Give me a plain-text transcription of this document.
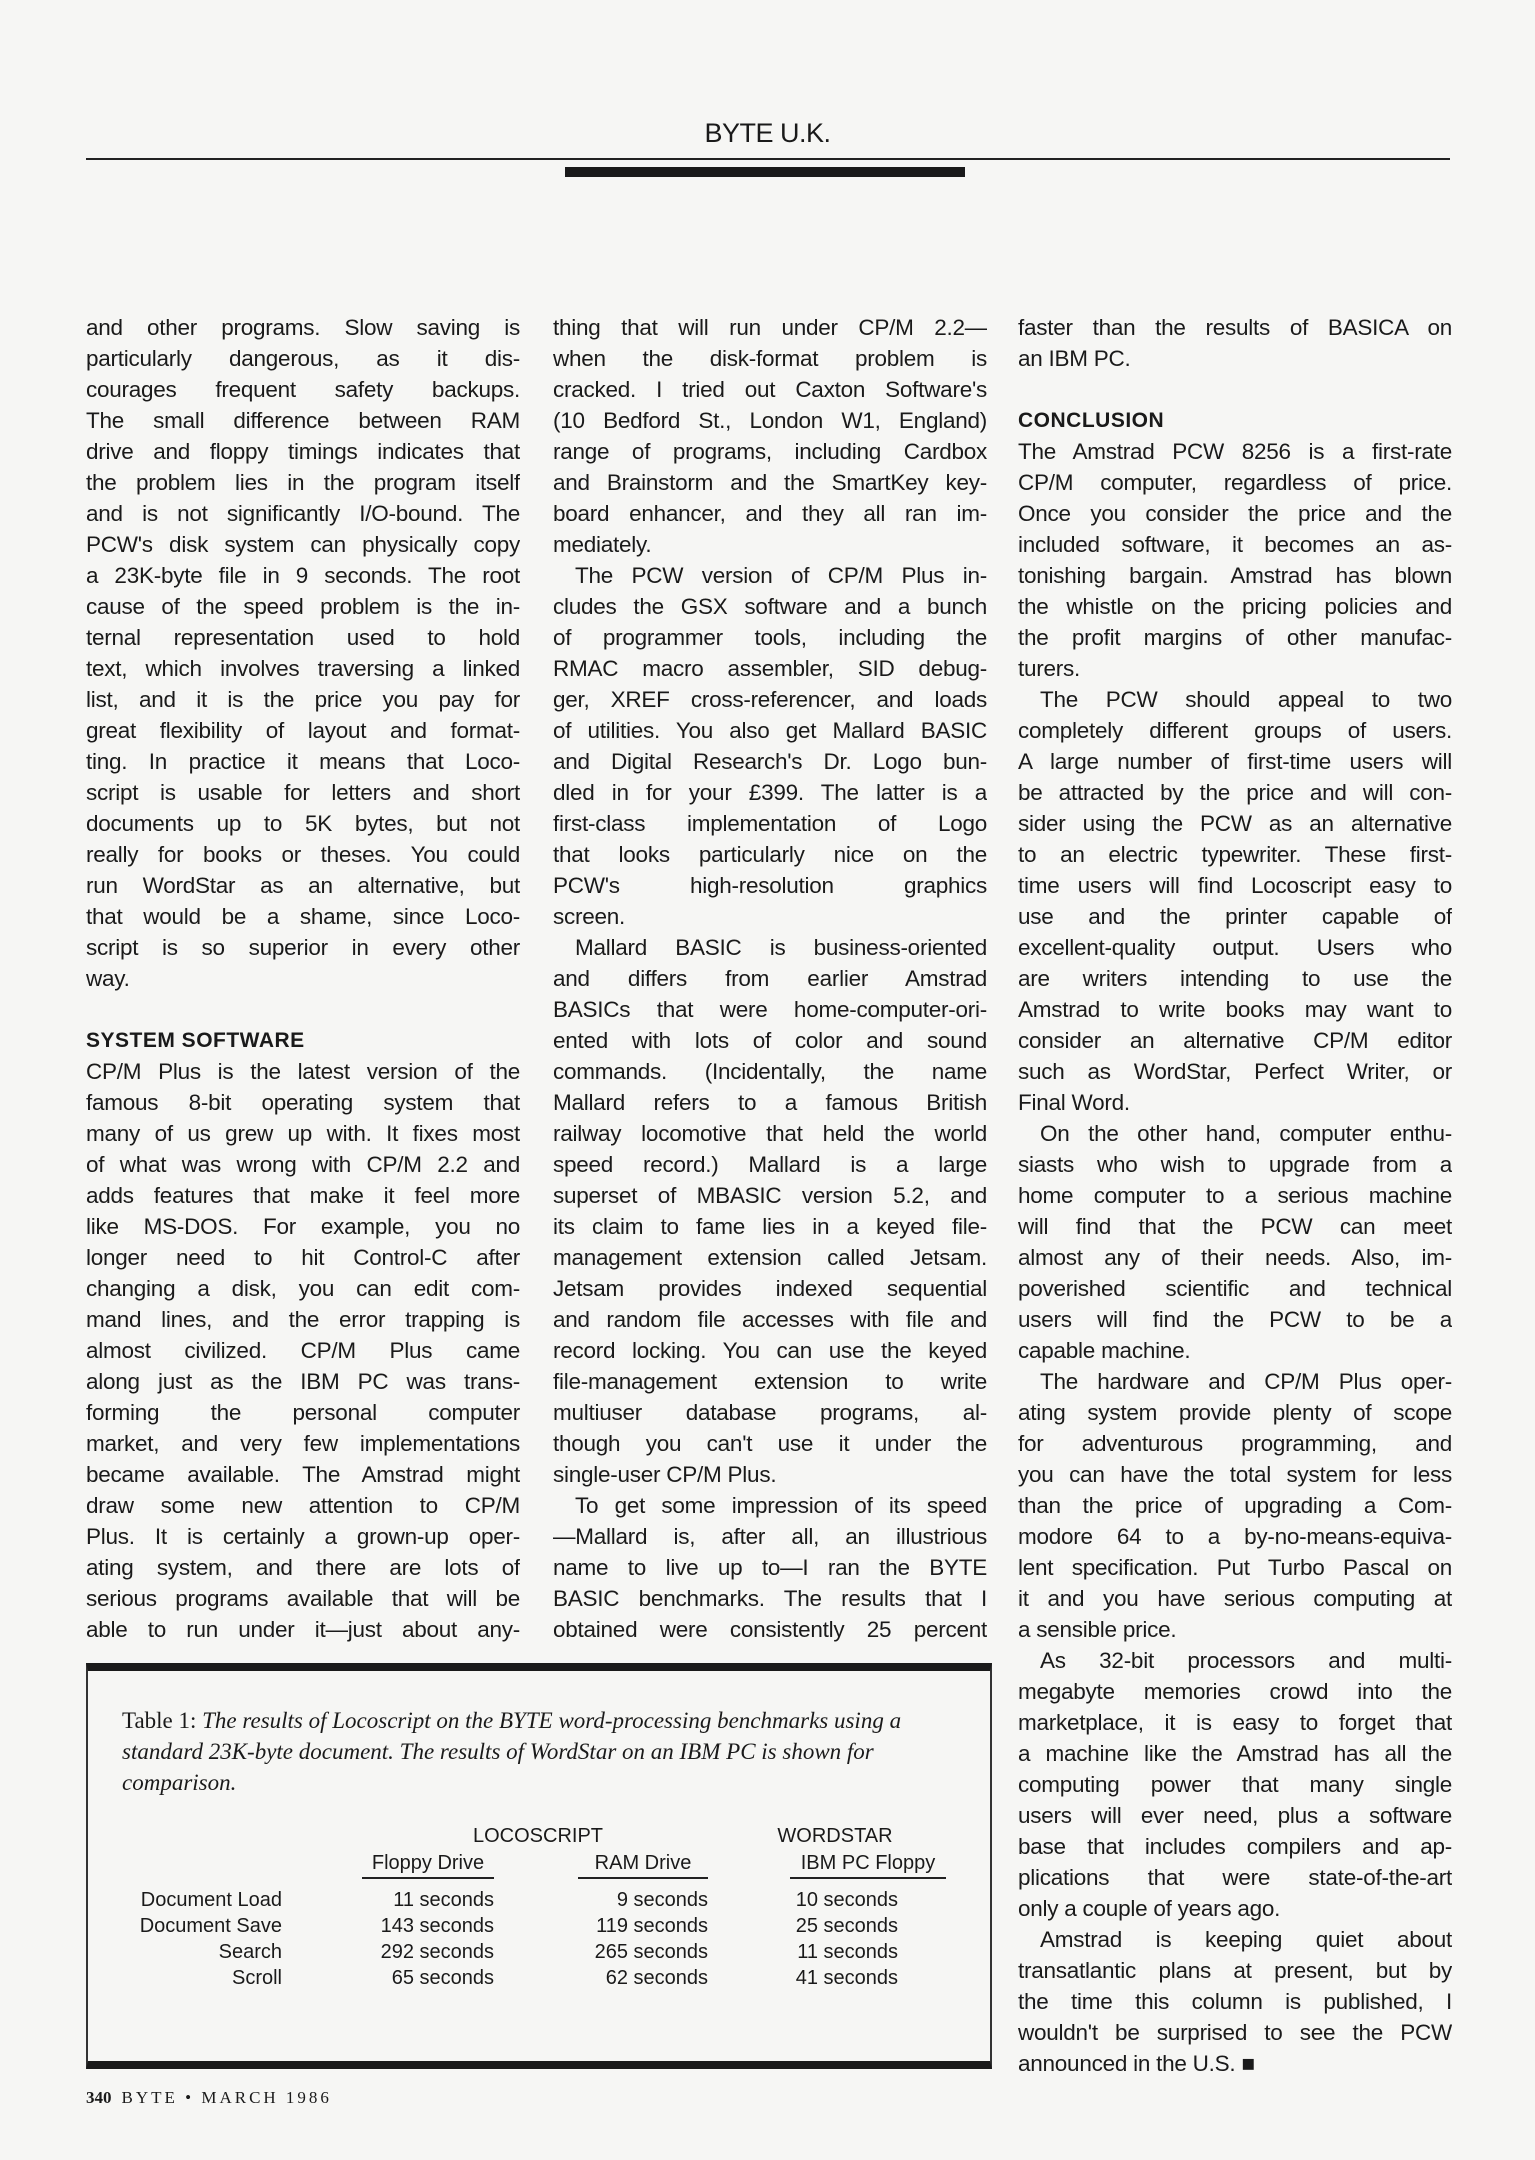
BYTE U.K.
and other programs. Slow saving is
particularly dangerous, as it dis-
courages frequent safety backups.
The small difference between RAM
drive and floppy timings indicates that
the problem lies in the program itself
and is not significantly I/O-bound. The
PCW's disk system can physically copy
a 23K-byte file in 9 seconds. The root
cause of the speed problem is the in-
ternal representation used to hold
text, which involves traversing a linked
list, and it is the price you pay for
great flexibility of layout and format-
ting. In practice it means that Loco-
script is usable for letters and short
documents up to 5K bytes, but not
really for books or theses. You could
run WordStar as an alternative, but
that would be a shame, since Loco-
script is so superior in every other
way.
SYSTEM SOFTWARE
CP/M Plus is the latest version of the
famous 8-bit operating system that
many of us grew up with. It fixes most
of what was wrong with CP/M 2.2 and
adds features that make it feel more
like MS-DOS. For example, you no
longer need to hit Control-C after
changing a disk, you can edit com-
mand lines, and the error trapping is
almost civilized. CP/M Plus came
along just as the IBM PC was trans-
forming the personal computer
market, and very few implementations
became available. The Amstrad might
draw some new attention to CP/M
Plus. It is certainly a grown-up oper-
ating system, and there are lots of
serious programs available that will be
able to run under it—just about any-
thing that will run under CP/M 2.2—
when the disk-format problem is
cracked. I tried out Caxton Software's
(10 Bedford St., London W1, England)
range of programs, including Cardbox
and Brainstorm and the SmartKey key-
board enhancer, and they all ran im-
mediately.
The PCW version of CP/M Plus in-
cludes the GSX software and a bunch
of programmer tools, including the
RMAC macro assembler, SID debug-
ger, XREF cross-referencer, and loads
of utilities. You also get Mallard BASIC
and Digital Research's Dr. Logo bun-
dled in for your £399. The latter is a
first-class implementation of Logo
that looks particularly nice on the
PCW's high-resolution graphics
screen.
Mallard BASIC is business-oriented
and differs from earlier Amstrad
BASICs that were home-computer-ori-
ented with lots of color and sound
commands. (Incidentally, the name
Mallard refers to a famous British
railway locomotive that held the world
speed record.) Mallard is a large
superset of MBASIC version 5.2, and
its claim to fame lies in a keyed file-
management extension called Jetsam.
Jetsam provides indexed sequential
and random file accesses with file and
record locking. You can use the keyed
file-management extension to write
multiuser database programs, al-
though you can't use it under the
single-user CP/M Plus.
To get some impression of its speed
—Mallard is, after all, an illustrious
name to live up to—I ran the BYTE
BASIC benchmarks. The results that I
obtained were consistently 25 percent
faster than the results of BASICA on
an IBM PC.
CONCLUSION
The Amstrad PCW 8256 is a first-rate
CP/M computer, regardless of price.
Once you consider the price and the
included software, it becomes an as-
tonishing bargain. Amstrad has blown
the whistle on the pricing policies and
the profit margins of other manufac-
turers.
The PCW should appeal to two
completely different groups of users.
A large number of first-time users will
be attracted by the price and will con-
sider using the PCW as an alternative
to an electric typewriter. These first-
time users will find Locoscript easy to
use and the printer capable of
excellent-quality output. Users who
are writers intending to use the
Amstrad to write books may want to
consider an alternative CP/M editor
such as WordStar, Perfect Writer, or
Final Word.
On the other hand, computer enthu-
siasts who wish to upgrade from a
home computer to a serious machine
will find that the PCW can meet
almost any of their needs. Also, im-
poverished scientific and technical
users will find the PCW to be a
capable machine.
The hardware and CP/M Plus oper-
ating system provide plenty of scope
for adventurous programming, and
you can have the total system for less
than the price of upgrading a Com-
modore 64 to a by-no-means-equiva-
lent specification. Put Turbo Pascal on
it and you have serious computing at
a sensible price.
As 32-bit processors and multi-
megabyte memories crowd into the
marketplace, it is easy to forget that
a machine like the Amstrad has all the
computing power that many single
users will ever need, plus a software
base that includes compilers and ap-
plications that were state-of-the-art
only a couple of years ago.
Amstrad is keeping quiet about
transatlantic plans at present, but by
the time this column is published, I
wouldn't be surprised to see the PCW
announced in the U.S. ■
Table 1: The results of Locoscript on the BYTE word-processing benchmarks using a standard 23K-byte document. The results of WordStar on an IBM PC is shown for comparison.
LOCOSCRIPT	WORDSTAR
Floppy Drive	RAM Drive	IBM PC Floppy
Document Load	11 seconds	9 seconds	10 seconds
Document Save	143 seconds	119 seconds	25 seconds
Search	292 seconds	265 seconds	11 seconds
Scroll	65 seconds	62 seconds	41 seconds
340 BYTE • MARCH 1986
